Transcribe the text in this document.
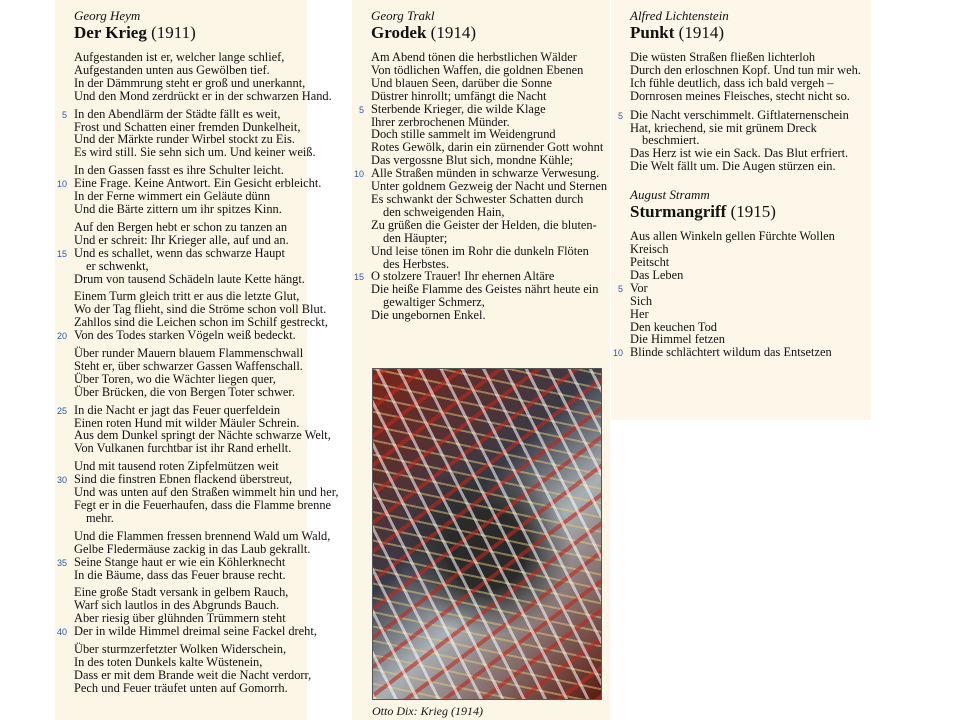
Georg Heym
Der Krieg (1911)
Aufgestanden ist er, welcher lange schlief,
Aufgestanden unten aus Gewölben tief.
In der Dämmrung steht er groß und unerkannt,
Und den Mond zerdrückt er in der schwarzen Hand.
5 In den Abendlärm der Städte fällt es weit,
Frost und Schatten einer fremden Dunkelheit,
Und der Märkte runder Wirbel stockt zu Eis.
Es wird still. Sie sehn sich um. Und keiner weiß.
In den Gassen fasst es ihre Schulter leicht.
10 Eine Frage. Keine Antwort. Ein Gesicht erbleicht.
In der Ferne wimmert ein Geläute dünn
Und die Bärte zittern um ihr spitzes Kinn.
Auf den Bergen hebt er schon zu tanzen an
Und er schreit: Ihr Krieger alle, auf und an.
15 Und es schallet, wenn das schwarze Haupt
er schwenkt,
Drum von tausend Schädeln laute Kette hängt.
Einem Turm gleich tritt er aus die letzte Glut,
Wo der Tag flieht, sind die Ströme schon voll Blut.
Zahllos sind die Leichen schon im Schilf gestreckt,
20 Von des Todes starken Vögeln weiß bedeckt.
Über runder Mauern blauem Flammenschwall
Steht er, über schwarzer Gassen Waffenschall.
Über Toren, wo die Wächter liegen quer,
Über Brücken, die von Bergen Toter schwer.
25 In die Nacht er jagt das Feuer querfeldein
Einen roten Hund mit wilder Mäuler Schrein.
Aus dem Dunkel springt der Nächte schwarze Welt,
Von Vulkanen furchtbar ist ihr Rand erhellt.
Und mit tausend roten Zipfelmützen weit
30 Sind die finstren Ebnen flackend überstreut,
Und was unten auf den Straßen wimmelt hin und her,
Fegt er in die Feuerhaufen, dass die Flamme brenne
mehr.
Und die Flammen fressen brennend Wald um Wald,
Gelbe Fledermäuse zackig in das Laub gekrallt.
35 Seine Stange haut er wie ein Köhlerknecht
In die Bäume, dass das Feuer brause recht.
Eine große Stadt versank in gelbem Rauch,
Warf sich lautlos in des Abgrunds Bauch.
Aber riesig über glühnden Trümmern steht
40 Der in wilde Himmel dreimal seine Fackel dreht,
Über sturmzerfetzter Wolken Widerschein,
In des toten Dunkels kalte Wüstenein,
Dass er mit dem Brande weit die Nacht verdorr,
Pech und Feuer träufet unten auf Gomorrh.
Georg Trakl
Grodek (1914)
Am Abend tönen die herbstlichen Wälder
Von tödlichen Waffen, die goldnen Ebenen
Und blauen Seen, darüber die Sonne
Düstrer hinrollt; umfängt die Nacht
5 Sterbende Krieger, die wilde Klage
Ihrer zerbrochenen Münder.
Doch stille sammelt im Weidengrund
Rotes Gewölk, darin ein zürnender Gott wohnt
Das vergossne Blut sich, mondne Kühle;
10 Alle Straßen münden in schwarze Verwesung.
Unter goldnem Gezweig der Nacht und Sternen
Es schwankt der Schwester Schatten durch
den schweigenden Hain,
Zu grüßen die Geister der Helden, die bluten-
den Häupter;
Und leise tönen im Rohr die dunkeln Flöten
des Herbstes.
15 O stolzere Trauer! Ihr ehernen Altäre
Die heiße Flamme des Geistes nährt heute ein
gewaltiger Schmerz,
Die ungebornen Enkel.
Alfred Lichtenstein
Punkt (1914)
Die wüsten Straßen fließen lichterloh
Durch den erloschnen Kopf. Und tun mir weh.
Ich fühle deutlich, dass ich bald vergeh –
Dornrosen meines Fleisches, stecht nicht so.
5 Die Nacht verschimmelt. Giftlaternenschein
Hat, kriechend, sie mit grünem Dreck
beschmiert.
Das Herz ist wie ein Sack. Das Blut erfriert.
Die Welt fällt um. Die Augen stürzen ein.
August Stramm
Sturmangriff (1915)
Aus allen Winkeln gellen Fürchte Wollen
Kreisch
Peitscht
Das Leben
5 Vor
Sich
Her
Den keuchen Tod
Die Himmel fetzen
10 Blinde schlächtert wildum das Entsetzen
Otto Dix: Krieg (1914)
